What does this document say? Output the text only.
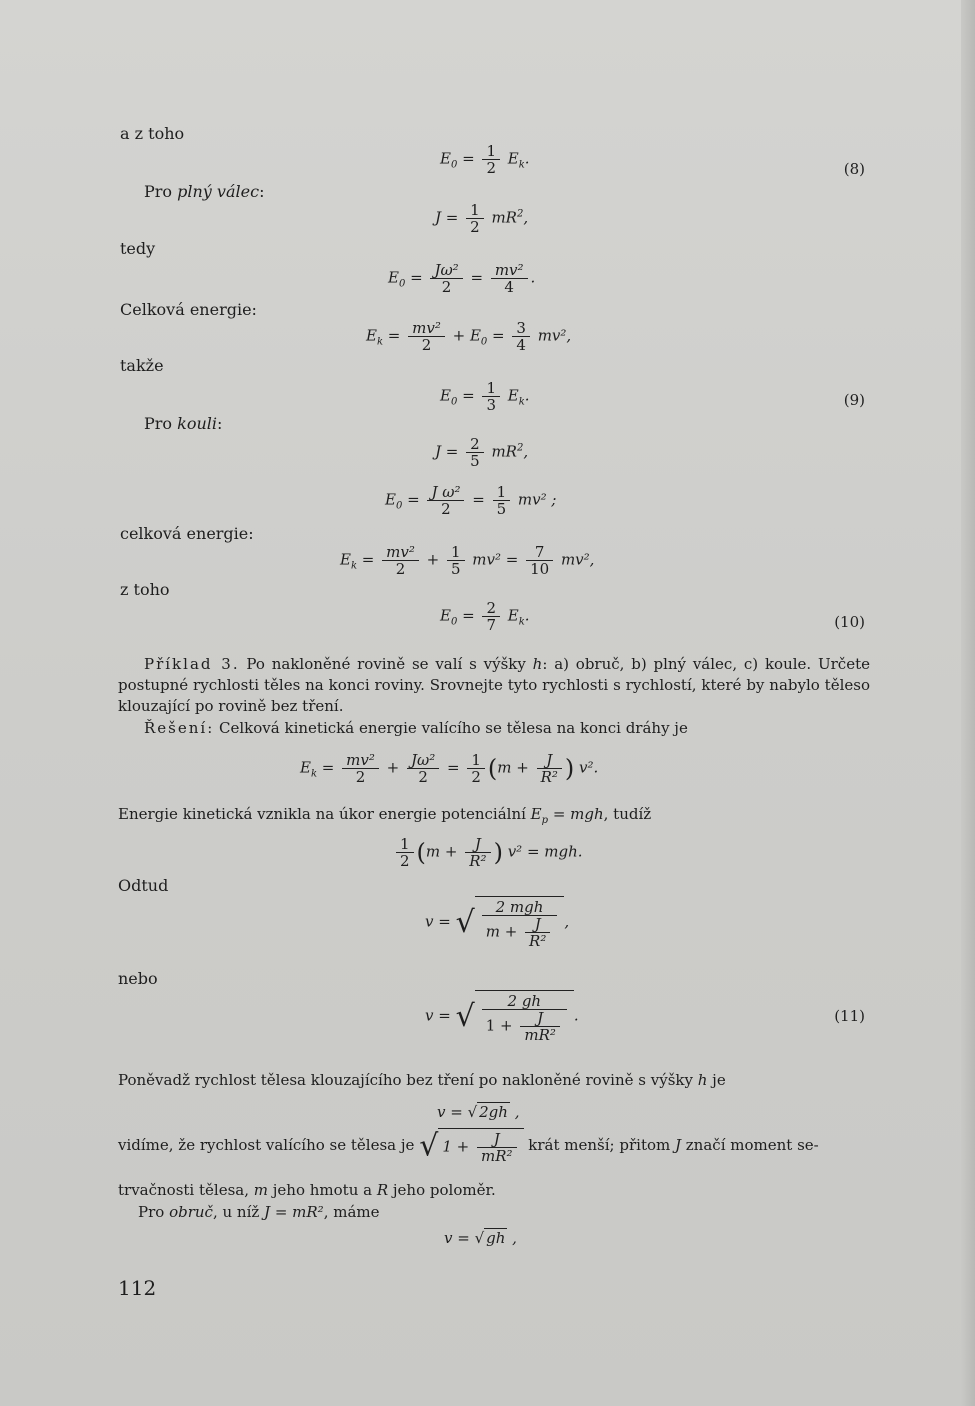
a z toho
Pro plný válec:
tedy
Celková energie:
takže
Pro kouli:
celková energie:
z toho
$E_0 = \frac{1}{2} E_k$.
(8)
$J = \frac{1}{2} mR^2$,
$E_0 = \frac{\text{Jω²}}{2} = \frac{\text{mv²}}{4}$ .
$E_k = \frac{\text{mv²}}{2} + E_0 = \frac{3}{4} mv^2$,
$E_0 = \frac{1}{3} E_k$.	(9)
$J = \frac{2}{5} mR^2$,
$E_0 = \frac{\text{J ω²}}{2} = \frac{1}{5} mv^2$ ;
$E_k = \frac{\text{mv²}}{2} + \frac{1}{5} mv^2 = \frac{7}{10} mv^2$,
$E_0 = \frac{2}{7} E_k$.	(10)
Příklad 3. Po nakloněné rovině se valí s výšky h: a) obruč, b) plný válec, c) koule. Určete postupné rychlosti těles na konci roviny. Srovnejte tyto rychlosti s rychlostí, které by nabylo těleso klouzající po rovině bez tření.
Řešení: Celková kinetická energie valícího se tělesa na konci dráhy je
$E_k = \frac{\text{mv²}}{2} + \frac{\text{Jω²}}{2} = \frac{1}{2} (m + \frac{J}{\text{R²}}$ ) v².
Energie kinetická vznikla na úkor energie potenciální $E_p$ = mgh, tudíž
$\frac{1}{2} (m + \frac{J}{\text{R²}}$ ) v² = mgh.
Odtud
v = √ $\frac{\text{2 mgh}}{m + \frac{J}{\text{R²}}}$ ,
nebo
v = √ $\frac{2 gh}{1 + \frac{J}{\text{mR²}}}$ .	(11)
Poněvadž rychlost tělesa klouzajícího bez tření po nakloněné rovině s výšky h je
v = √ 2gh ,
vidíme, že rychlost valícího se tělesa je √ $1 + \frac{J}{\text{mR²}}$ krát menší; přitom J značí moment se-
trvačnosti tělesa, m jeho hmotu a R jeho poloměr.
Pro obruč, u níž J = mR², máme
v = √ gh ,
112
